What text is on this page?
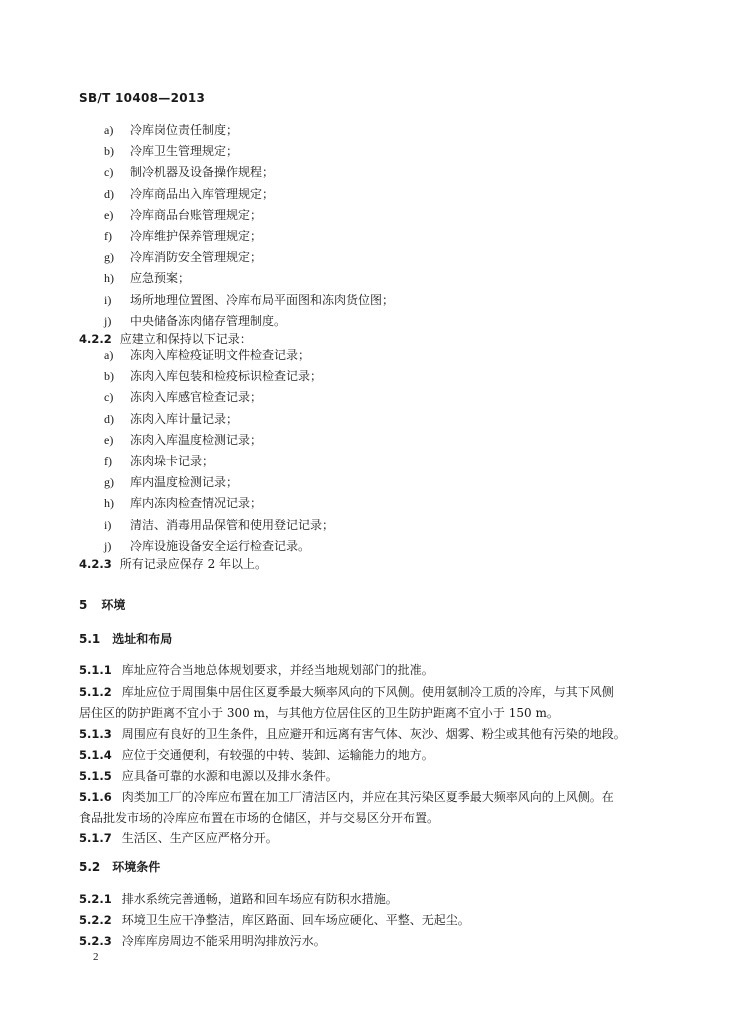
SB/T 10408—2013
a) 冷库岗位责任制度；
b) 冷库卫生管理规定；
c) 制冷机器及设备操作规程；
d) 冷库商品出入库管理规定；
e) 冷库商品台账管理规定；
f) 冷库维护保养管理规定；
g) 冷库消防安全管理规定；
h) 应急预案；
i) 场所地理位置图、冷库布局平面图和冻肉货位图；
j) 中央储备冻肉储存管理制度。
4.2.2 应建立和保持以下记录：
a) 冻肉入库检疫证明文件检查记录；
b) 冻肉入库包装和检疫标识检查记录；
c) 冻肉入库感官检查记录；
d) 冻肉入库计量记录；
e) 冻肉入库温度检测记录；
f) 冻肉垛卡记录；
g) 库内温度检测记录；
h) 库内冻肉检查情况记录；
i) 清洁、消毒用品保管和使用登记记录；
j) 冷库设施设备安全运行检查记录。
4.2.3 所有记录应保存 2 年以上。
5 环境
5.1 选址和布局
5.1.1 库址应符合当地总体规划要求，并经当地规划部门的批准。
5.1.2 库址应位于周围集中居住区夏季最大频率风向的下风侧。使用氨制冷工质的冷库，与其下风侧
居住区的防护距离不宜小于 300 m，与其他方位居住区的卫生防护距离不宜小于 150 m。
5.1.3 周围应有良好的卫生条件，且应避开和远离有害气体、灰沙、烟雾、粉尘或其他有污染的地段。
5.1.4 应位于交通便利，有较强的中转、装卸、运输能力的地方。
5.1.5 应具备可靠的水源和电源以及排水条件。
5.1.6 肉类加工厂的冷库应布置在加工厂清洁区内，并应在其污染区夏季最大频率风向的上风侧。在
食品批发市场的冷库应布置在市场的仓储区，并与交易区分开布置。
5.1.7 生活区、生产区应严格分开。
5.2 环境条件
5.2.1 排水系统完善通畅，道路和回车场应有防积水措施。
5.2.2 环境卫生应干净整洁，库区路面、回车场应硬化、平整、无起尘。
5.2.3 冷库库房周边不能采用明沟排放污水。
2
